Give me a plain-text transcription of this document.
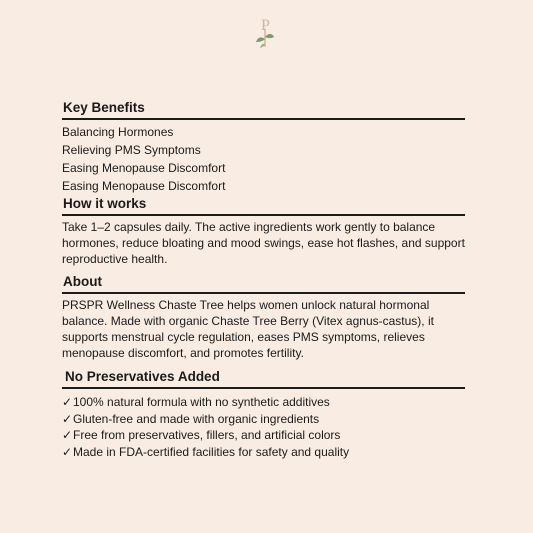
P
Key Benefits

Balancing Hormones

Relieving PMS Symptoms

Easing Menopause Discomfort

Easing Menopause Discomfort

How it works

Take 1–2 capsules daily. The active ingredients work gently to balance hormones, reduce bloating and mood swings, ease hot flashes, and support reproductive health.

About

PRSPR Wellness Chaste Tree helps women unlock natural hormonal balance. Made with organic Chaste Tree Berry (Vitex agnus-castus), it supports menstrual cycle regulation, eases PMS symptoms, relieves menopause discomfort, and promotes fertility.

No Preservatives Added

✓100% natural formula with no synthetic additives

✓Gluten-free and made with organic ingredients

✓Free from preservatives, fillers, and artificial colors

✓Made in FDA-certified facilities for safety and quality
